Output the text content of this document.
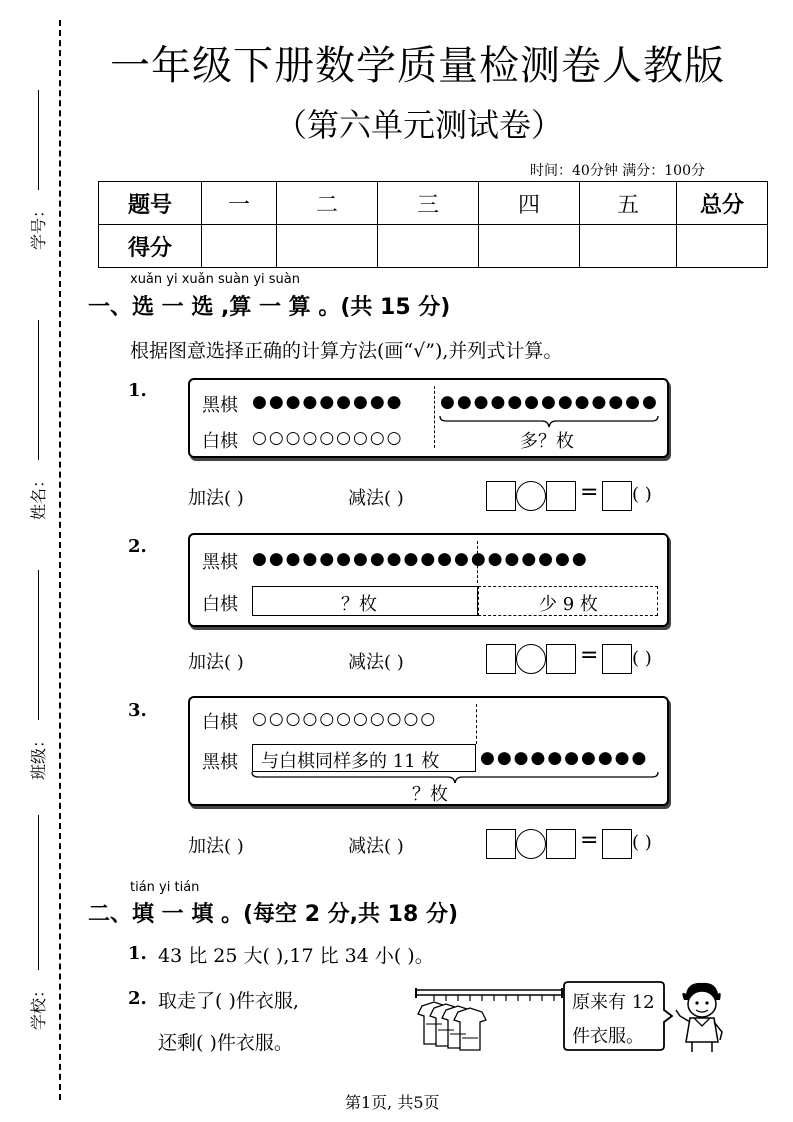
学号：
姓名：
班级：
学校：
一年级下册数学质量检测卷人教版
（第六单元测试卷）
时间：40分钟 满分：100分
题号	一	二	三	四	五	总分
得分						
xuǎn yi xuǎn suàn yi suàn
一、选 一 选 ,算 一 算 。(共 15 分)
根据图意选择正确的计算方法(画“√”),并列式计算。
1.
黑棋 ●●●●●●●●● ●●●●●●●●●●●●●
白棋 ○○○○○○○○○	多？枚
加法( )	减法( )	= ( )
2.
黑棋 ●●●●●●●●●●●●●●●●●●●●
白棋	？枚	少 9 枚
加法( )	减法( )	= ( )
3.
白棋 ○○○○○○○○○○○
黑棋 与白棋同样多的 11 枚 ●●●●●●●●●●
？枚
加法( )	减法( )	= ( )
tián yi tián
二、填 一 填 。(每空 2 分,共 18 分)
1. 43 比 25 大( ),17 比 34 小( )。
2. 取走了( )件衣服,
还剩( )件衣服。
原来有 12
件衣服。
第1页, 共5页
